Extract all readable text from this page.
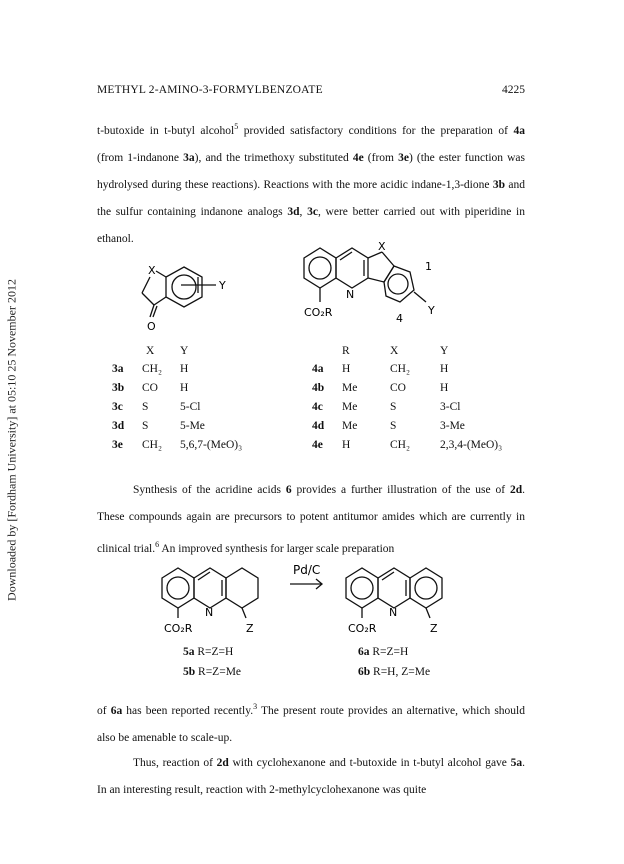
Downloaded by [Fordham University] at 05:10 25 November 2012
METHYL 2-AMINO-3-FORMYLBENZOATE	4225

t-butoxide in t-butyl alcohol$^5$ provided satisfactory conditions for the preparation of 4a (from 1-indanone 3a), and the trimethoxy substituted 4e (from 3e) (the ester function was hydrolysed during these reactions). Reactions with the more acidic indane-1,3-dione 3b and the sulfur containing indanone analogs 3d, 3c, were better carried out with piperidine in ethanol.

X
Y
O
X
N
CO₂R
1
4
Y
X Y
3a CH₂ H
3b CO H
3c S	5-Cl
3d S	5-Me
3e CH₂ 5,6,7-(MeO)₃
R	X	Y
4a H	CH₂	H
4b Me	CO	H
4c Me	S	3-Cl
4d Me	S	3-Me
4e H	CH₂	2,3,4-(MeO)₃

Synthesis of the acridine acids 6 provides a further illustration of the use of 2d. These compounds again are precursors to potent antitumor amides which are currently in clinical trial.$^6$ An improved synthesis for larger scale preparation

Pd/C
N
CO₂R	Z
N
CO₂R	Z
5a R=Z=H
5b R=Z=Me
6a R=Z=H
6b R=H, Z=Me

of 6a has been reported recently.$^3$ The present route provides an alternative, which should also be amenable to scale-up.

Thus, reaction of 2d with cyclohexanone and t-butoxide in t-butyl alcohol gave 5a. In an interesting result, reaction with 2-methylcyclohexanone was quite
